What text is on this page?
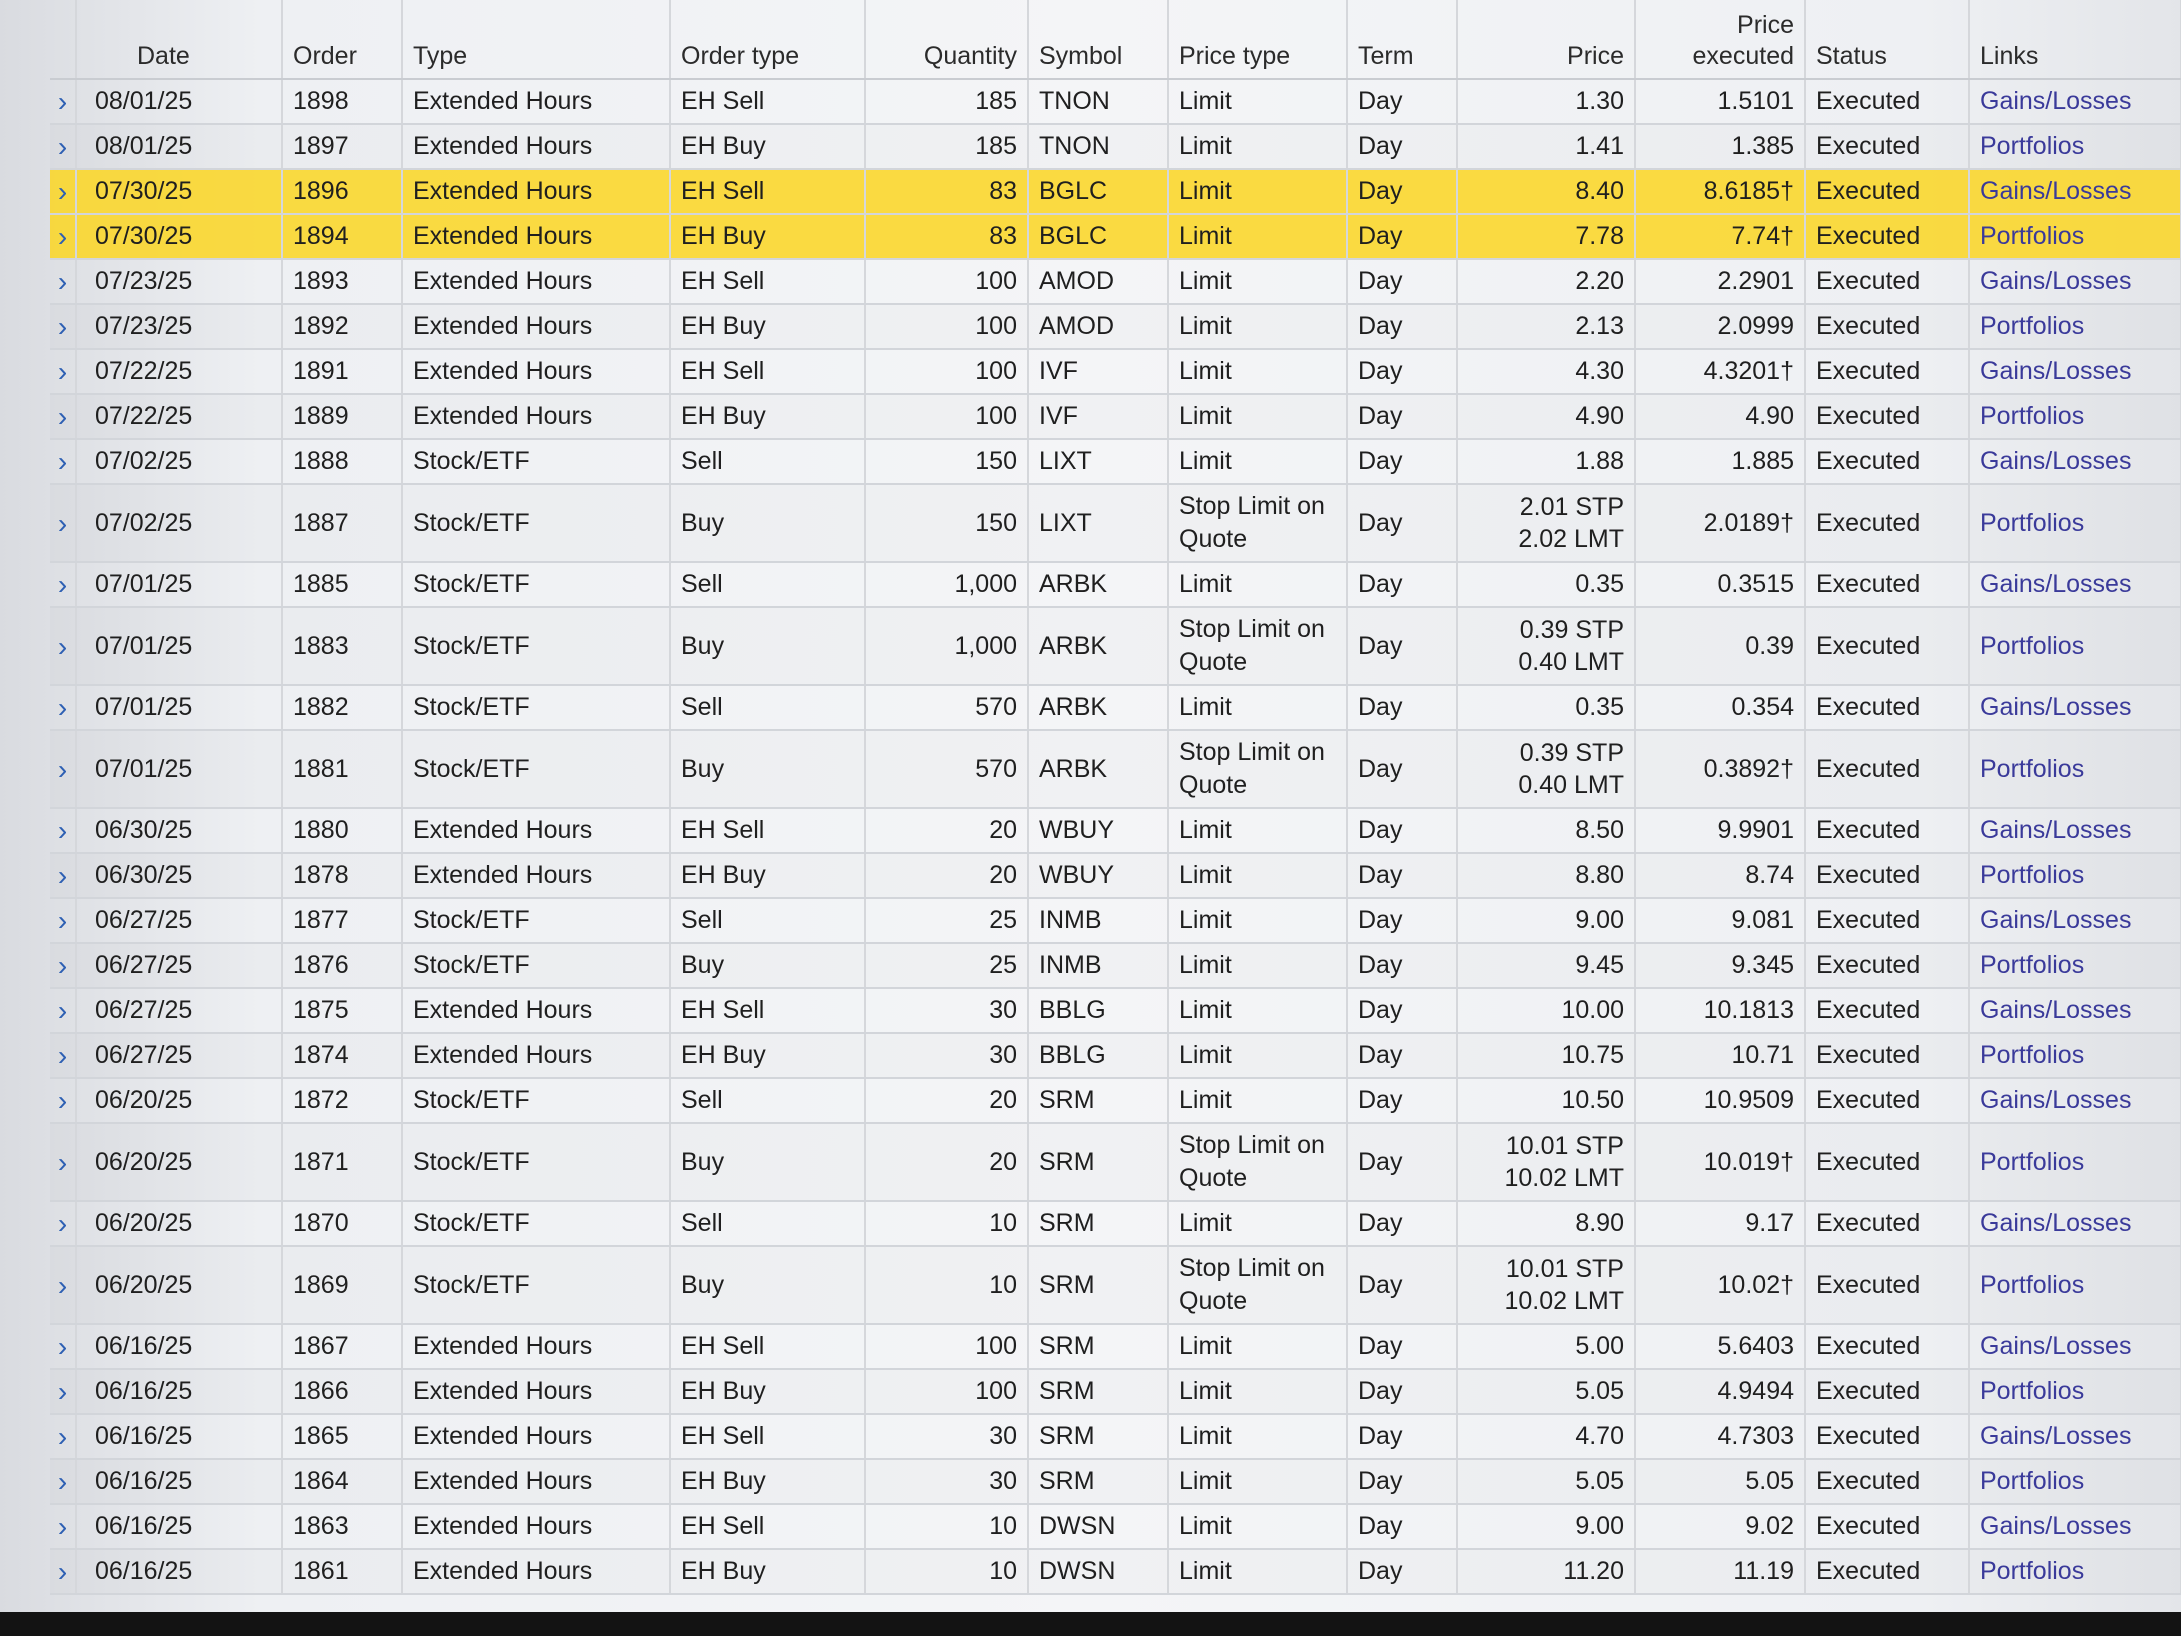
	Date	Order	Type	Order type	Quantity	Symbol	Price type	Term	Price	Price executed	Status	Links
›	08/01/25	1898	Extended Hours	EH Sell	185	TNON	Limit	Day	1.30	1.5101	Executed	Gains/Losses
›	08/01/25	1897	Extended Hours	EH Buy	185	TNON	Limit	Day	1.41	1.385	Executed	Portfolios
›	07/30/25	1896	Extended Hours	EH Sell	83	BGLC	Limit	Day	8.40	8.6185†	Executed	Gains/Losses
›	07/30/25	1894	Extended Hours	EH Buy	83	BGLC	Limit	Day	7.78	7.74†	Executed	Portfolios
›	07/23/25	1893	Extended Hours	EH Sell	100	AMOD	Limit	Day	2.20	2.2901	Executed	Gains/Losses
›	07/23/25	1892	Extended Hours	EH Buy	100	AMOD	Limit	Day	2.13	2.0999	Executed	Portfolios
›	07/22/25	1891	Extended Hours	EH Sell	100	IVF	Limit	Day	4.30	4.3201†	Executed	Gains/Losses
›	07/22/25	1889	Extended Hours	EH Buy	100	IVF	Limit	Day	4.90	4.90	Executed	Portfolios
›	07/02/25	1888	Stock/ETF	Sell	150	LIXT	Limit	Day	1.88	1.885	Executed	Gains/Losses
›	07/02/25	1887	Stock/ETF	Buy	150	LIXT	Stop Limit on Quote	Day	2.01 STP
2.02 LMT	2.0189†	Executed	Portfolios
›	07/01/25	1885	Stock/ETF	Sell	1,000	ARBK	Limit	Day	0.35	0.3515	Executed	Gains/Losses
›	07/01/25	1883	Stock/ETF	Buy	1,000	ARBK	Stop Limit on Quote	Day	0.39 STP
0.40 LMT	0.39	Executed	Portfolios
›	07/01/25	1882	Stock/ETF	Sell	570	ARBK	Limit	Day	0.35	0.354	Executed	Gains/Losses
›	07/01/25	1881	Stock/ETF	Buy	570	ARBK	Stop Limit on Quote	Day	0.39 STP
0.40 LMT	0.3892†	Executed	Portfolios
›	06/30/25	1880	Extended Hours	EH Sell	20	WBUY	Limit	Day	8.50	9.9901	Executed	Gains/Losses
›	06/30/25	1878	Extended Hours	EH Buy	20	WBUY	Limit	Day	8.80	8.74	Executed	Portfolios
›	06/27/25	1877	Stock/ETF	Sell	25	INMB	Limit	Day	9.00	9.081	Executed	Gains/Losses
›	06/27/25	1876	Stock/ETF	Buy	25	INMB	Limit	Day	9.45	9.345	Executed	Portfolios
›	06/27/25	1875	Extended Hours	EH Sell	30	BBLG	Limit	Day	10.00	10.1813	Executed	Gains/Losses
›	06/27/25	1874	Extended Hours	EH Buy	30	BBLG	Limit	Day	10.75	10.71	Executed	Portfolios
›	06/20/25	1872	Stock/ETF	Sell	20	SRM	Limit	Day	10.50	10.9509	Executed	Gains/Losses
›	06/20/25	1871	Stock/ETF	Buy	20	SRM	Stop Limit on Quote	Day	10.01 STP
10.02 LMT	10.019†	Executed	Portfolios
›	06/20/25	1870	Stock/ETF	Sell	10	SRM	Limit	Day	8.90	9.17	Executed	Gains/Losses
›	06/20/25	1869	Stock/ETF	Buy	10	SRM	Stop Limit on Quote	Day	10.01 STP
10.02 LMT	10.02†	Executed	Portfolios
›	06/16/25	1867	Extended Hours	EH Sell	100	SRM	Limit	Day	5.00	5.6403	Executed	Gains/Losses
›	06/16/25	1866	Extended Hours	EH Buy	100	SRM	Limit	Day	5.05	4.9494	Executed	Portfolios
›	06/16/25	1865	Extended Hours	EH Sell	30	SRM	Limit	Day	4.70	4.7303	Executed	Gains/Losses
›	06/16/25	1864	Extended Hours	EH Buy	30	SRM	Limit	Day	5.05	5.05	Executed	Portfolios
›	06/16/25	1863	Extended Hours	EH Sell	10	DWSN	Limit	Day	9.00	9.02	Executed	Gains/Losses
›	06/16/25	1861	Extended Hours	EH Buy	10	DWSN	Limit	Day	11.20	11.19	Executed	Portfolios
